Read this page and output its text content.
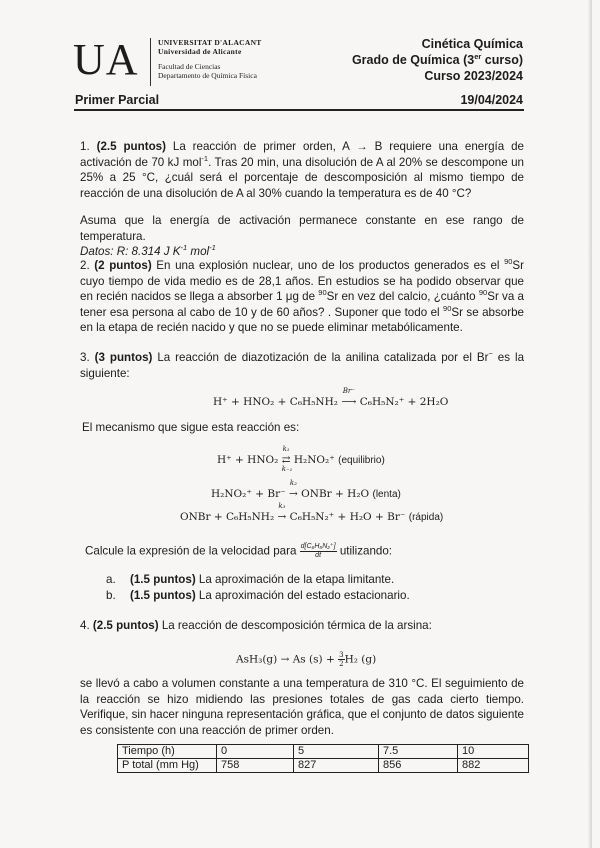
UA	UNIVERSITAT D'ALACANT
Universidad de Alicante
Facultad de Ciencias
Departamento de Química Física
Cinética Química
Grado de Química (3er curso)
Curso 2023/2024
Primer Parcial	19/04/2024
1. (2.5 puntos) La reacción de primer orden, A → B requiere una energía de activación de 70 kJ mol$^{-1}$. Tras 20 min, una disolución de A al 20% se descompone un 25% a 25 °C, ¿cuál será el porcentaje de descomposición al mismo tiempo de reacción de una disolución de A al 30% cuando la temperatura es de 40 °C?
Asuma que la energía de activación permanece constante en ese rango de temperatura.
Datos: R: 8.314 J $K^{-1}$ mol$^{-1}$
2. (2 puntos) En una explosión nuclear, uno de los productos generados es el $^{90}$Sr cuyo tiempo de vida medio es de 28,1 años. En estudios se ha podido observar que en recién nacidos se llega a absorber 1 μg de $^{90}$Sr en vez del calcio, ¿cuánto $^{90}$Sr va a tener esa persona al cabo de 10 y de 60 años? . Suponer que todo el $^{90}$Sr se absorbe en la etapa de recién nacido y que no se puede eliminar metabólicamente.
3. (3 puntos) La reacción de diazotización de la anilina catalizada por el Br− es la siguiente:
H⁺ + HNO₂ + C₆H₅NH₂
Br⁻
⟶ C₆H₅N₂⁺ + 2H₂O
El mecanismo que sigue esta reacción es:
H⁺ + HNO₂
k₁
⇄
k₋₁
H₂NO₂⁺ (equilibrio)
H₂NO₂⁺ + Br⁻
k₂
→ ONBr + H₂O (lenta)
ONBr + C₆H₅NH₂
k₃
→ C₆H₅N₂⁺ + H₂O + Br⁻ (rápida)
Calcule la expresión de la velocidad para $\frac{\text{d[C₆H₅N₂⁺]}}{dt}$ utilizando:
a. (1.5 puntos) La aproximación de la etapa limitante.
b. (1.5 puntos) La aproximación del estado estacionario.
4. (2.5 puntos) La reacción de descomposición térmica de la arsina:
AsH₃(g) → As $(s) + \frac{3}{2} H_2$ (g)
se llevó a cabo a volumen constante a una temperatura de 310 °C. El seguimiento de la reacción se hizo midiendo las presiones totales de gas cada cierto tiempo. Verifique, sin hacer ninguna representación gráfica, que el conjunto de datos siguiente es consistente con una reacción de primer orden.
Tiempo (h)	0	5	7.5	10
P total (mm Hg)	758	827	856	882
